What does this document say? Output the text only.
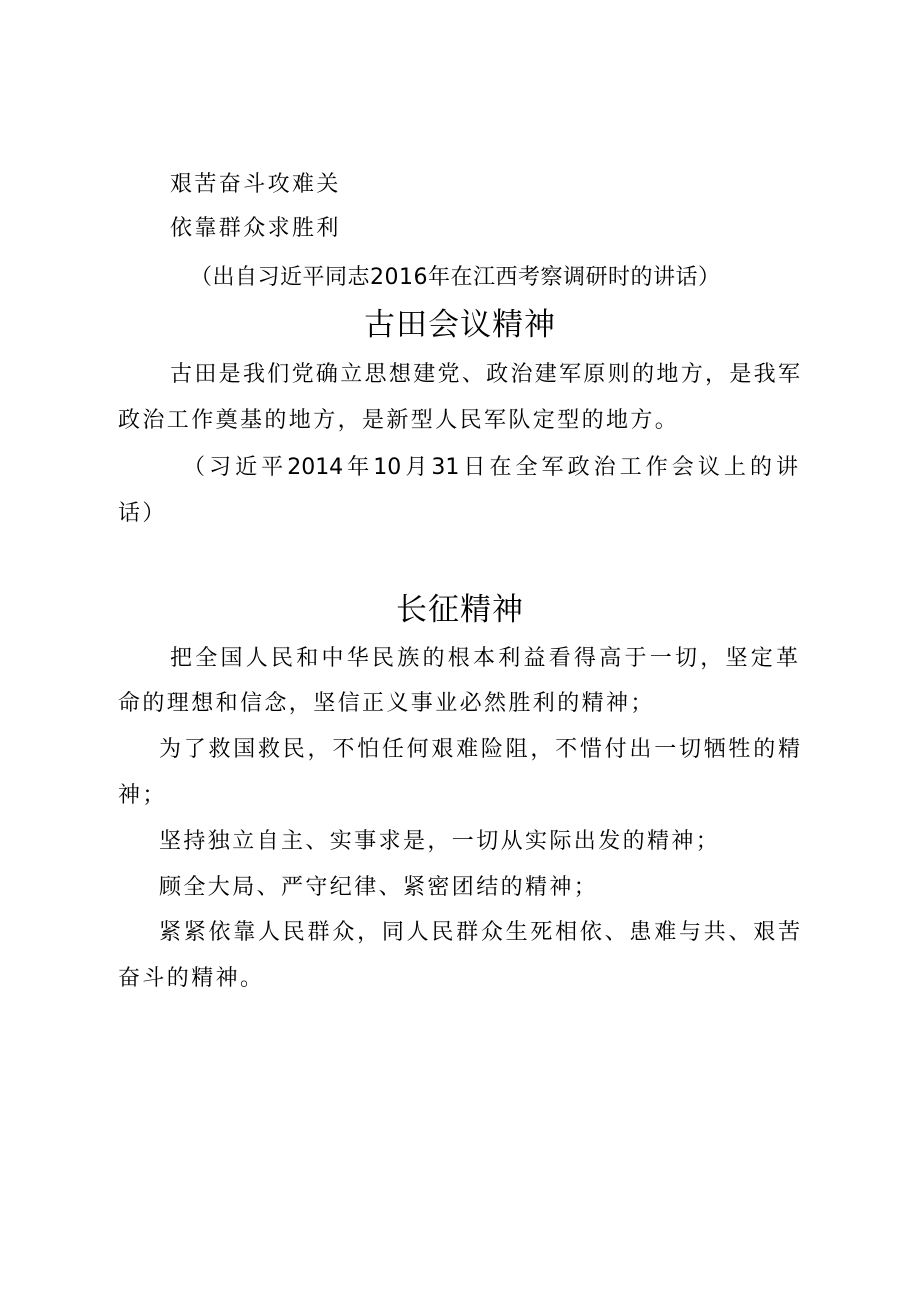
艰苦奋斗攻难关
依靠群众求胜利
（出自习近平同志2016年在江西考察调研时的讲话）
古田会议精神
古田是我们党确立思想建党、政治建军原则的地方，是我军
政治工作奠基的地方，是新型人民军队定型的地方。
（习近平2014年10月31日在全军政治工作会议上的讲
话）
长征精神
把全国人民和中华民族的根本利益看得高于一切，坚定革
命的理想和信念，坚信正义事业必然胜利的精神；
为了救国救民，不怕任何艰难险阻，不惜付出一切牺牲的精
神；
坚持独立自主、实事求是，一切从实际出发的精神；
顾全大局、严守纪律、紧密团结的精神；
紧紧依靠人民群众，同人民群众生死相依、患难与共、艰苦
奋斗的精神。
